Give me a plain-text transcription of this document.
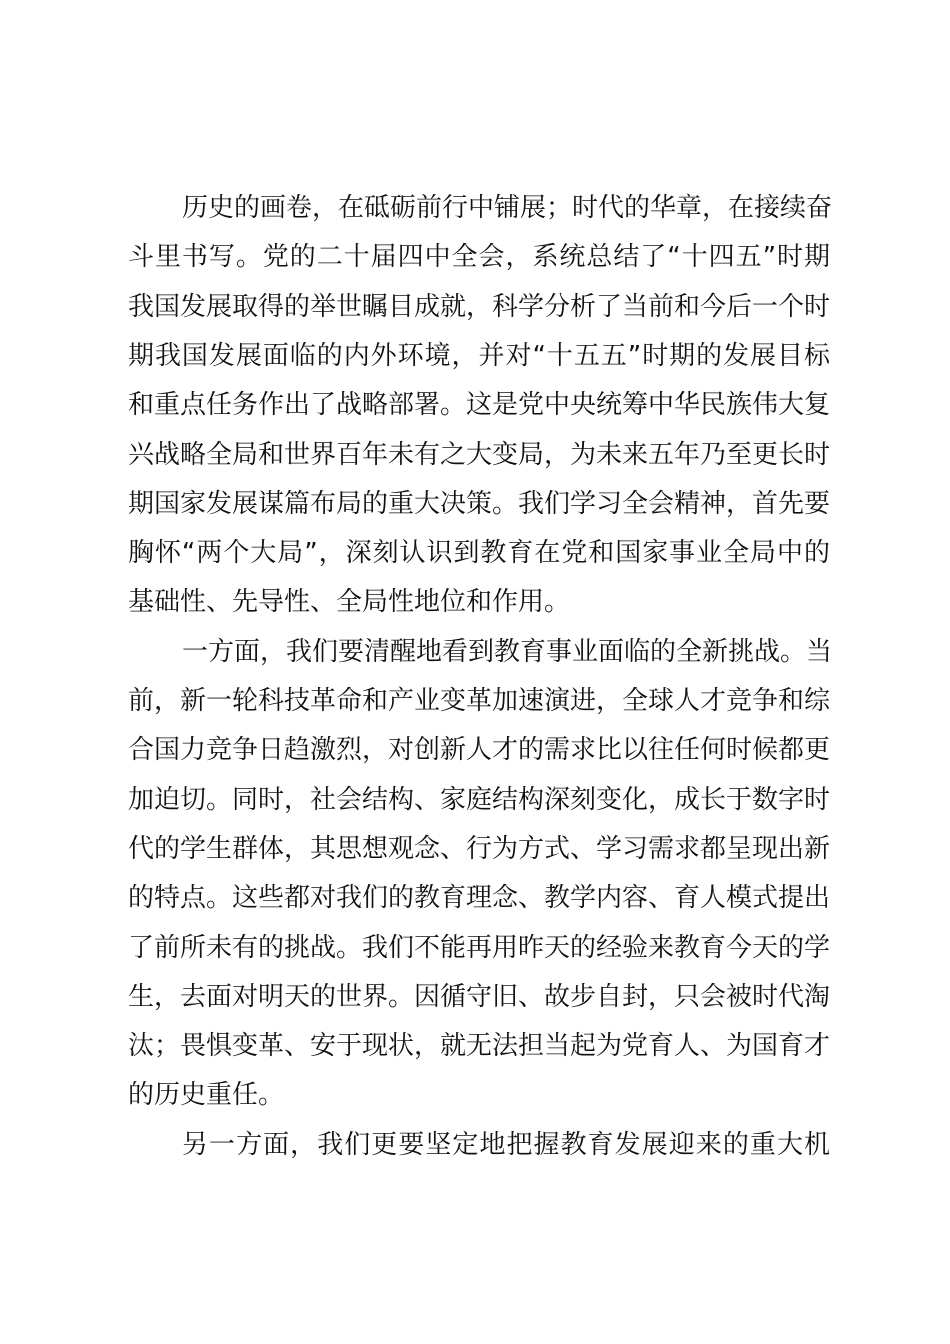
历史的画卷，在砥砺前行中铺展；时代的华章，在接续奋
斗里书写。党的二十届四中全会，系统总结了“十四五”时期
我国发展取得的举世瞩目成就，科学分析了当前和今后一个时
期我国发展面临的内外环境，并对“十五五”时期的发展目标
和重点任务作出了战略部署。这是党中央统筹中华民族伟大复
兴战略全局和世界百年未有之大变局，为未来五年乃至更长时
期国家发展谋篇布局的重大决策。我们学习全会精神，首先要
胸怀“两个大局”，深刻认识到教育在党和国家事业全局中的
基础性、先导性、全局性地位和作用。
一方面，我们要清醒地看到教育事业面临的全新挑战。当
前，新一轮科技革命和产业变革加速演进，全球人才竞争和综
合国力竞争日趋激烈，对创新人才的需求比以往任何时候都更
加迫切。同时，社会结构、家庭结构深刻变化，成长于数字时
代的学生群体，其思想观念、行为方式、学习需求都呈现出新
的特点。这些都对我们的教育理念、教学内容、育人模式提出
了前所未有的挑战。我们不能再用昨天的经验来教育今天的学
生，去面对明天的世界。因循守旧、故步自封，只会被时代淘
汰；畏惧变革、安于现状，就无法担当起为党育人、为国育才
的历史重任。
另一方面，我们更要坚定地把握教育发展迎来的重大机
